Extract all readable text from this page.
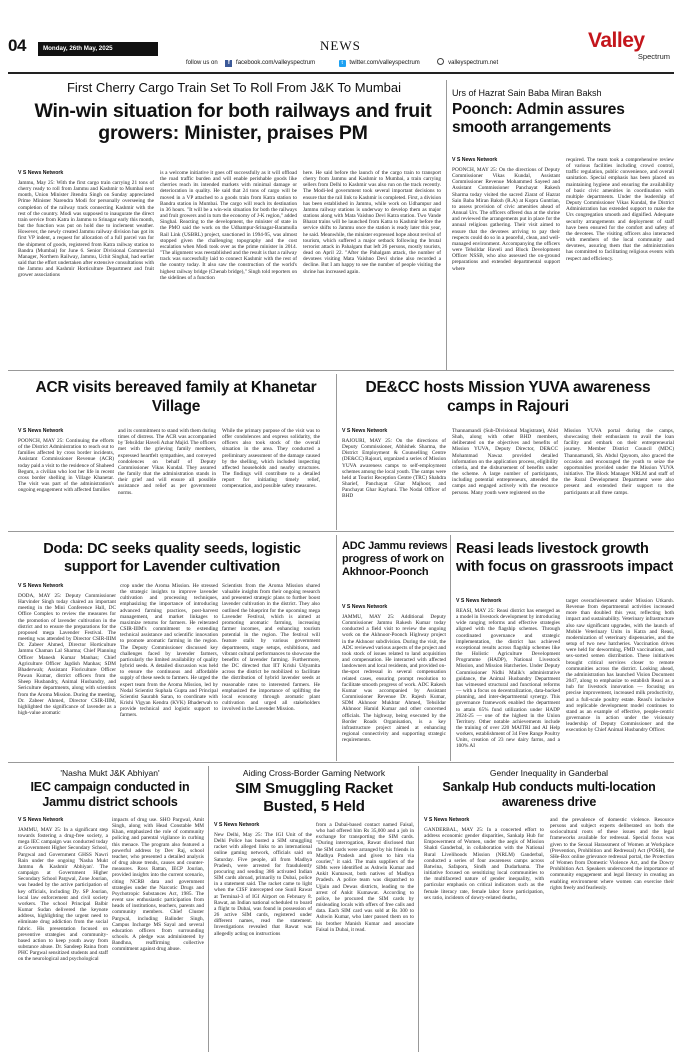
04	Monday, 26th May, 2025	NEWS
follow us on f facebook.com/valleyspectrum	t twitter.com/valleyspectrum	valleyspectrum.net
Valley
Spectrum
First Cherry Cargo Train Set To Roll From J&K To Mumbai
Win-win situation for both railways and fruit growers: Minister, praises PM
V S News Network
Jammu, May 25: With the first cargo train carrying 21 tons of cherry ready to roll from Jammu and Kashmir to Mumbai next month, Union Minister Jitendra Singh on Sunday appreciated Prime Minister Narendra Modi for personally overseeing the completion of the railway track connecting Kashmir with the rest of the country. Modi was supposed to inaugurate the direct train service from Katra in Jammu to Srinagar early this month, but the function was put on hold due to inclement weather. However, the newly created Jammu railway division has got its first VP indent, a request for allocation of a full parcel van for the shipment of goods, registered from Katra railway station to Bandra (Mumbai) for June 6. Senior Divisional Commercial Manager, Northern Railway, Jammu, Uchit Singhal, had earlier said that the effort undertaken after extensive consultations with the Jammu and Kashmir Horticulture Department and fruit grower associations
is a welcome initiative it goes off successfully as it will offload the road traffic burden and will enable perishable goods like cherries reach its intended markets with minimal damage or deterioration in quality. He said that 24 tons of cargo will be moved in a VP attached to a goods train from Katra station to Bandra station in Mumbai. The cargo will reach its destination in 36 hours. "It will be a win-win situation for both the railways and fruit growers and in turn the economy of J-K region," added Singhal. Reacting to the development, the minister of state in the PMO said the work on the Udhampur-Srinagar-Baramulla Rail Link (USBRL) project, sanctioned in 1994-95, was almost stopped given the challenging topography and the cost escalation when Modi took over as the prime minister in 2014. "The alignment was reestablished and the result is that a railway track was successfully laid to connect Kashmir with the rest of the country today. It also saw the construction of the world's highest railway bridge (Chenab bridge)," Singh told reporters on the sidelines of a function
here. He said before the launch of the cargo train to transport cherry from Jammu and Kashmir to Mumbai, a train carrying sellers from Delhi to Kashmir was also run on the track recently. The Modi-led government took several important decisions to ensure that the rail link to Kashmir is completed. First, a division has been established in Jammu, while work on Udhampur and Jammu railway stations is underway to develop them as major stations along with Mata Vaishno Devi Katra station. Two Vande Bharat trains will be launched from Katra to Kashmir before the service shifts to Jammu once the station is ready later this year, he said. Meanwhile, the minister expressed hope about revival of tourism, which suffered a major setback following the brutal terrorist attack in Pahalgam that left 26 persons, mostly tourists, dead on April 22. "After the Pahalgam attack, the number of devotees visiting Mata Vaishno Devi shrine also recorded a decline. But I am happy to see the number of people visiting the shrine has increased again.
Urs of Hazrat Sain Baba Miran Baksh
Poonch: Admin assures smooth arrangements
V S News Network
POONCH, MAY 25: On the directions of Deputy Commissioner Vikas Kundal, Assistant Commissioner Revenue Mohammed Sayeed and Assistant Commissioner Panchayat Rakesh Sharma today visited the sacred Ziarat of Hazrat Sain Baba Miran Baksh (R.A) at Kopra Guntrian, to assess provision of civic amenities ahead of Annual Urs. The officers offered dua at the shrine and reviewed the arrangements put in place for the annual religious gathering. Their visit aimed to ensure that the devotees arriving to pay their respects could do so in a peaceful, clean, and well-managed environment. Accompanying the officers were Tehsildar Haveli and Block Development Officer NSSB, who also assessed the on-ground preparations and extended departmental support where
required. The team took a comprehensive review of various facilities including crowd control, traffic regulation, public convenience, and overall sanitation. Special emphasis has been placed on maintaining hygiene and ensuring the availability of basic civic amenities in coordination with multiple departments. Under the leadership of Deputy Commissioner Vikas Kundal, the District Administration has extended support to make the Urs congregation smooth and dignified. Adequate security arrangements and deployment of staff have been ensured for the comfort and safety of the devotees. The visiting officers also interacted with members of the local community and devotees, assuring them that the administration has committed to facilitating religious events with respect and efficiency.
ACR visits bereaved family at Khanetar Village
V S News Network
POONCH, MAY 25: Continuing the efforts of the District Administration to reach out to families affected by cross border incidents, Assistant Commissioner Revenue (ACR) today paid a visit to the residence of Shaheed Begum, a civilian who lost her life in recent cross border shelling in Village Khanetar. The visit was part of the administration's ongoing engagement with affected families
and its commitment to stand with them during times of distress. The ACR was accompanied by Tehsildar Haveli Azhar Majid. The officers met with the grieving family members, expressed heartfelt sympathies, and conveyed condolences on behalf of Deputy Commissioner Vikas Kundal. They assured the family that the administration stands in their grief and will ensure all possible assistance and relief as per government norms.
While the primary purpose of the visit was to offer condolences and express solidarity, the officers also took stock of the overall situation in the area. They conducted a preliminary assessment of the damage caused by the shelling, which included inspecting affected households and nearby structures. The findings will contribute to a detailed report for initiating timely relief, compensation, and possible safety measures.
DE&CC hosts Mission YUVA awareness camps in Rajouri
V S News Network
RAJOURI, MAY 25: On the directions of Deputy Commissioner, Abhishek Sharma, the District Employment & Counselling Centre (DE&CC) Rajouri, organized a series of Mission YUVA awareness camps to self-employment schemes among the local youth. The camps were held at Tourist Reception Centre (TRC) Shahdra Sharief, Panchayat Ghar Majhoor, and Panchayat Ghar Kayhani. The Nodal Officer of BHD
Thannamandi (Sub-Divisional Magistrate), Abid Shah, along with other BHD members, deliberated on the objectives and benefits of Mission YUVA, Deputy Director, DE&CC Mohammad Nawaz provided detailed information on the application process, eligibility criteria, and the disbursement of benefits under the scheme. A large number of participants, including potential entrepreneurs, attended the camps and engaged actively with the resource persons. Many youth were registered on the
Mission YUVA portal during the camps, showcasing their enthusiasm to avail the loan facility and embark on their entrepreneurial journey. Member District Council (MDC) Thannamandi, Sh. Abdul Qayoom, also graced the occasion and encouraged the youth to seize the opportunities provided under the Mission YUVA initiative. The Block Manager NRLM and staff of the Rural Development Department were also present and extended their support to the participants at all three camps.
Doda: DC seeks quality seeds, logistic support for Lavender cultivation
V S News Network
DODA, MAY 25: Deputy Commissioner Harvinder Singh today chaired an important meeting in the Mini Conference Hall, DC Office Complex to review the measures for the promotion of lavender cultivation in the district and to ensure the preparations for the proposed mega Lavender Festival. The meeting was attended by Director CSIR-IIIM Dr. Zabeer Ahmed, Director Horticulture Jammu Chaman Lal Sharma; Chief Planning Officer Manesh Kumar Manhas; Chief Agriculture Officer Jagdish Manhas; SDM Bhaderwah; Assistant Floriculture Officer Pawan Kumar, district officers from the Sheep Husbandry, Animal Husbandry, and Sericulture departments, along with scientists from the Aroma Mission. During the meeting, Dr. Zabeer Ahmed, Director CSIR-IIIM, highlighted the significance of lavender as a high-value aromatic
crop under the Aroma Mission. He stressed the strategic insights to improve lavender cultivation and processing techniques, emphasizing the importance of introducing advanced farming practices, post-harvest management, and market linkages to maximize returns for farmers. He reiterated CSIR-IIIM's commitment to extending technical assistance and scientific innovation to promote aromatic farming in the region. The Deputy Commissioner discussed key challenges faced by lavender farmers, particularly the limited availability of quality hybrid seeds. A detailed discussion was held to ensure the continuous and affordable supply of these seeds to farmers. He urged the expert team from the Aroma Mission, led by Nodal Scientist Suphala Gupta and Principal Scientist Saurabh Saran, to coordinate with Krishi Vigyan Kendra (KVK) Bhaderwah to provide technical and logistic support to farmers.
Scientists from the Aroma Mission shared valuable insights from their ongoing research and presented strategic plans to further boost lavender cultivation in the district. They also outlined the blueprint for the upcoming mega Lavender Festival, which is aimed at promoting aromatic farming, increasing farmer incomes, and enhancing tourism potential in the region. The festival will feature stalls by various government departments, stage setups, exhibitions, and vibrant cultural performances to showcase the benefits of lavender farming. Furthermore, the DC directed that IIT Krishi Udyamita across the district be mobilized to facilitate the distribution of hybrid lavender seeds at reasonable rates to interested farmers. He emphasized the importance of uplifting the local economy through aromatic plant cultivation and urged all stakeholders involved in the Lavender Mission.
ADC Jammu reviews progress of work on Akhnoor-Poonch
V S News Network
JAMMU, MAY 25: Additional Deputy Commissioner Jammu Rakesh Kumar today conducted a field visit to review the ongoing work on the Akhnoor-Poonch Highway project in the Akhnoor subdivision. During the visit, the ADC reviewed various aspects of the project and took stock of issues related to land acquisition and compensation. He interacted with affected landowners and local residents, and provided on-the-spot redressal in several compensation related cases, ensuring prompt resolution to facilitate smooth progress of work. ADC Rakesh Kumar was accompanied by Assistant Commissioner Revenue Dr. Rajesh Kumar, SDM Akhnoor Mukhtar Ahmed, Tehsildar Akhnoor Hamid Kumar and other concerned officials. The highway, being executed by the Border Roads Organisation, is a key infrastructure project aimed at enhancing regional connectivity and supporting strategic requirements.
Reasi leads livestock growth with focus on grassroots impact
V S News Network
REASI, MAY 25: Reasi district has emerged as a model in livestock development by introducing wide ranging reforms and effective strategies aligned with the flagship schemes. Through coordinated governance and strategic implementation, the district has achieved exceptional results across flagship schemes like the Holistic Agriculture Development Programme (HADP), National Livestock Mission, and Mission Hatcheries. Under Deputy Commissioner Nidhi Malik's administrative guidance, the Animal Husbandry Department has witnessed structural and functional reforms — with a focus on decentralization, data-backed planning, and inter-departmental synergy. This governance framework enabled the department to attain 65% fund utilization under HADP 2024-25 — one of the highest in the Union Territory. Other notable achievements include the training of over 220 MAITRI and AI Help workers, establishment of 34 Free Range Poultry Units, creation of 23 new dairy farms, and a 100% AI
target overachievement under Mission Utkarsh. Revenue from departmental activities increased more than doubled this year, reflecting both impact and sustainability. Veterinary infrastructure also saw significant upgrades, with the launch of Mobile Veterinary Units in Katra and Reasi, modernization of veterinary dispensaries, and the setup of two new hatcheries. Vaccination drives were held for deworming, FMD vaccinations, and sex-sorted semen distribution. These initiatives brought critical services closer to remote communities across the district. Looking ahead, the administration has launched Vision Document 2047, along to emphasize to establish Reasi as a hub for livestock innovation — focusing on precise improvement, increased milk productivity, and a full-scale poultry estate. Reasi's inclusive and replicable development model continues to stand as an example of effective, people-centric governance in action under the visionary leadership of Deputy Commissioner and the execution by Chief Animal Husbandry Officer.
'Nasha Mukt J&K Abhiyan'
IEC campaign conducted in Jammu district schools
V S News Network
JAMMU, MAY 25: In a significant step towards fostering a drug-free society, a mega IEC campaign was conducted today at Government Higher Secondary School, Pargwal and Government GHSS Nawri Rain under the ongoing 'Nasha Mukt Jammu & Kashmir Abhiyan'. The campaign at Government Higher Secondary School Pargwal, Zone Jourian, was headed by the active participation of key officials, including Dy. SP Jourian, local law enforcement and civil society workers. The school Principal Balbir Kumar Sudan delivered the keynote address, highlighting the urgent need to eliminate drug addiction from the social fabric. His presentation focused on preventive strategies and community-based action to keep youth away from substance abuse. Dr. Sandeep Raina from PHC Pargwal sensitized students and staff on the neurological and psychological
impacts of drug use. SHO Pargwal, Amit Singh, along with Head Constable MM Khan, emphasized the role of community policing and parental vigilance in curbing this menace. The program also featured a powerful address by Dev Raj, school teacher, who presented a detailed analysis of drug abuse trends, causes and counter-measures. Ross Rattan, IECP Jourian, provided insights into the current scenario, citing NCRB data and government strategies under the Narcotic Drugs and Psychotropic Substances Act, 1985. The event saw enthusiastic participation from heads of institutions, teachers, parents and community members. Chief Cluster Pargwal, including Balinder Singh, Campus Incharge MS Sayal and several education officers from surrounding schools. A pledge was administered by Bandhna, reaffirming collective commitment against drug abuse.
Aiding Cross-Border Gaming Network
SIM Smuggling Racket Busted, 5 Held
V S News Network
New Delhi, May 25: The IGI Unit of the Delhi Police has busted a SIM smuggling racket with alleged links to an international online gaming network, officials said on Saturday. Five people, all from Madhya Pradesh, were arrested for fraudulently procuring and sending 386 activated Indian SIM cards abroad, primarily to Dubai, police in a statement said. The racket came to light when the CISF intercepted one Sunil Rawat at Terminal-3 of IGI Airport on February 8. Rawat, an Indian national scheduled to board a flight to Dubai, was found in possession of 26 active SIM cards, registered under different names, read the statement. Investigations revealed that Rawat was allegedly acting on instructions
from a Dubai-based contact named Faisal, who had offered him Rs 35,000 and a job in exchange for transporting the SIM cards. "During interrogation, Rawat disclosed that the SIM cards were arranged by his friends in Madhya Pradesh and given to him via courier," it said. The main suppliers of the SIMs were identified as Ashwin Kumar and Ankit Kumawat, both natives of Madhya Pradesh. A police team was dispatched to Ujjain and Dewas districts, leading to the arrest of Ankit Kumawat. According to police, he procured the SIM cards by misleading locals with offers of free calls and data. Each SIM card was sold at Rs 300 to Ashwin Kumar, who later passed them on to his brother Manish Kumar and associate Faisal in Dubai, it read.
Gender Inequality in Ganderbal
Sankalp Hub conducts multi-location awareness drive
V S News Network
GANDERBAL, MAY 25: In a concerted effort to address economic gender disparities, Sankalp Hub for Empowerment of Women, under the aegis of Mission Shakti Ganderbal, in collaboration with the National Rural Livelihoods Mission (NRLM) Ganderbal, conducted a series of four awareness camps across Batwina, Safapora, Sindh and Dudarhama. The initiative focused on sensitizing local communities to the multifaceted nature of gender inequality, with particular emphasis on critical indicators such as the female literacy rate, female labor force participation, sex ratio, incidents of dowry-related deaths,
and the prevalence of domestic violence. Resource persons and subject experts deliberated on both the sociocultural roots of these issues and the legal frameworks available for redressal. Special focus was given to the Sexual Harassment of Women at Workplace (Prevention, Prohibition and Redressal) Act (POSH), the SHe-Box online grievance redressal portal, the Protection of Women from Domestic Violence Act, and the Dowry Prohibition Act. Speakers underscored the importance of community engagement and legal literacy in creating an enabling environment where women can exercise their rights freely and fearlessly.
